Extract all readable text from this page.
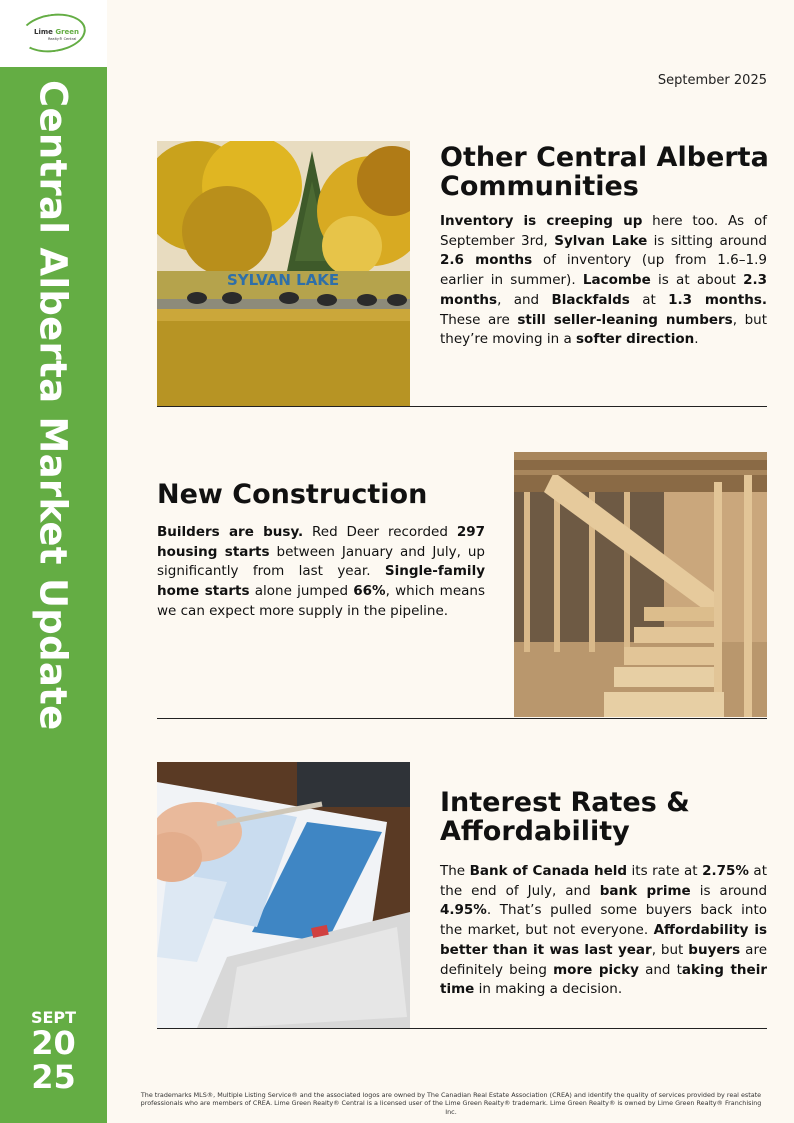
Lime Green
Realty® Central
Central Alberta Market Update
SEPT
20
25
September 2025
SYLVAN LAKE
Other Central Alberta Communities
Inventory is creeping up here too. As of September 3rd, Sylvan Lake is sitting around 2.6 months of inventory (up from 1.6–1.9 earlier in summer). Lacombe is at about 2.3 months, and Blackfalds at 1.3 months. These are still seller-leaning numbers, but they’re moving in a softer direction.
New Construction
Builders are busy. Red Deer recorded 297 housing starts between January and July, up significantly from last year. Single-family home starts alone jumped 66%, which means we can expect more supply in the pipeline.
Interest Rates & Affordability
The Bank of Canada held its rate at 2.75% at the end of July, and bank prime is around 4.95%. That’s pulled some buyers back into the market, but not everyone. Affordability is better than it was last year, but buyers are definitely being more picky and taking their time in making a decision.
The trademarks MLS®, Multiple Listing Service® and the associated logos are owned by The Canadian Real Estate Association (CREA) and identify the quality of services provided by real estate professionals who are members of CREA. Lime Green Realty® Central is a licensed user of the Lime Green Realty® trademark. Lime Green Realty® is owned by Lime Green Realty® Franchising Inc.
